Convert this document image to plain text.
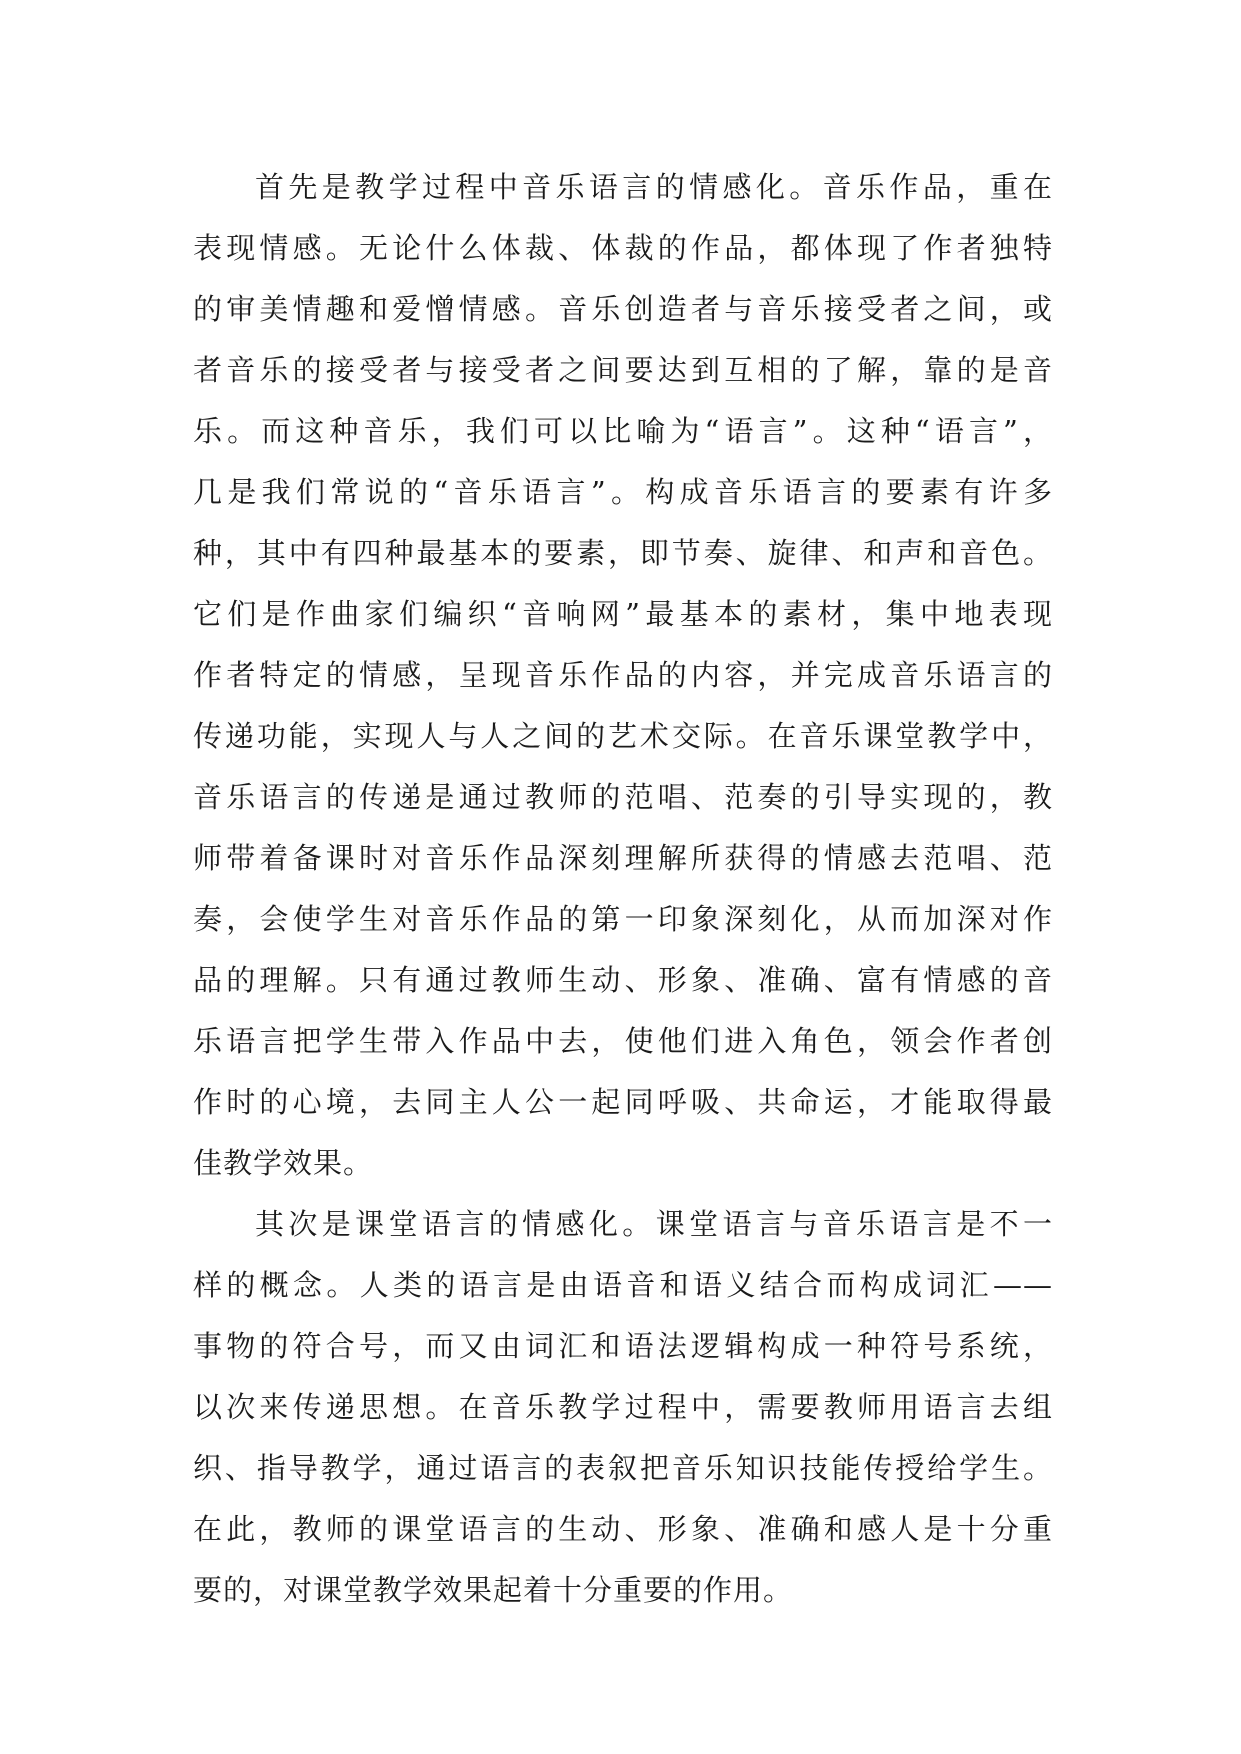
首先是教学过程中音乐语言的情感化。音乐作品，重在
表现情感。无论什么体裁、体裁的作品，都体现了作者独特
的审美情趣和爱憎情感。音乐创造者与音乐接受者之间，或
者音乐的接受者与接受者之间要达到互相的了解，靠的是音
乐。而这种音乐，我们可以比喻为“语言”。这种“语言”，
几是我们常说的“音乐语言”。构成音乐语言的要素有许多
种，其中有四种最基本的要素，即节奏、旋律、和声和音色。
它们是作曲家们编织“音响网”最基本的素材，集中地表现
作者特定的情感，呈现音乐作品的内容，并完成音乐语言的
传递功能，实现人与人之间的艺术交际。在音乐课堂教学中，
音乐语言的传递是通过教师的范唱、范奏的引导实现的，教
师带着备课时对音乐作品深刻理解所获得的情感去范唱、范
奏，会使学生对音乐作品的第一印象深刻化，从而加深对作
品的理解。只有通过教师生动、形象、准确、富有情感的音
乐语言把学生带入作品中去，使他们进入角色，领会作者创
作时的心境，去同主人公一起同呼吸、共命运，才能取得最
佳教学效果。
其次是课堂语言的情感化。课堂语言与音乐语言是不一
样的概念。人类的语言是由语音和语义结合而构成词汇——
事物的符合号，而又由词汇和语法逻辑构成一种符号系统，
以次来传递思想。在音乐教学过程中，需要教师用语言去组
织、指导教学，通过语言的表叙把音乐知识技能传授给学生。
在此，教师的课堂语言的生动、形象、准确和感人是十分重
要的，对课堂教学效果起着十分重要的作用。
